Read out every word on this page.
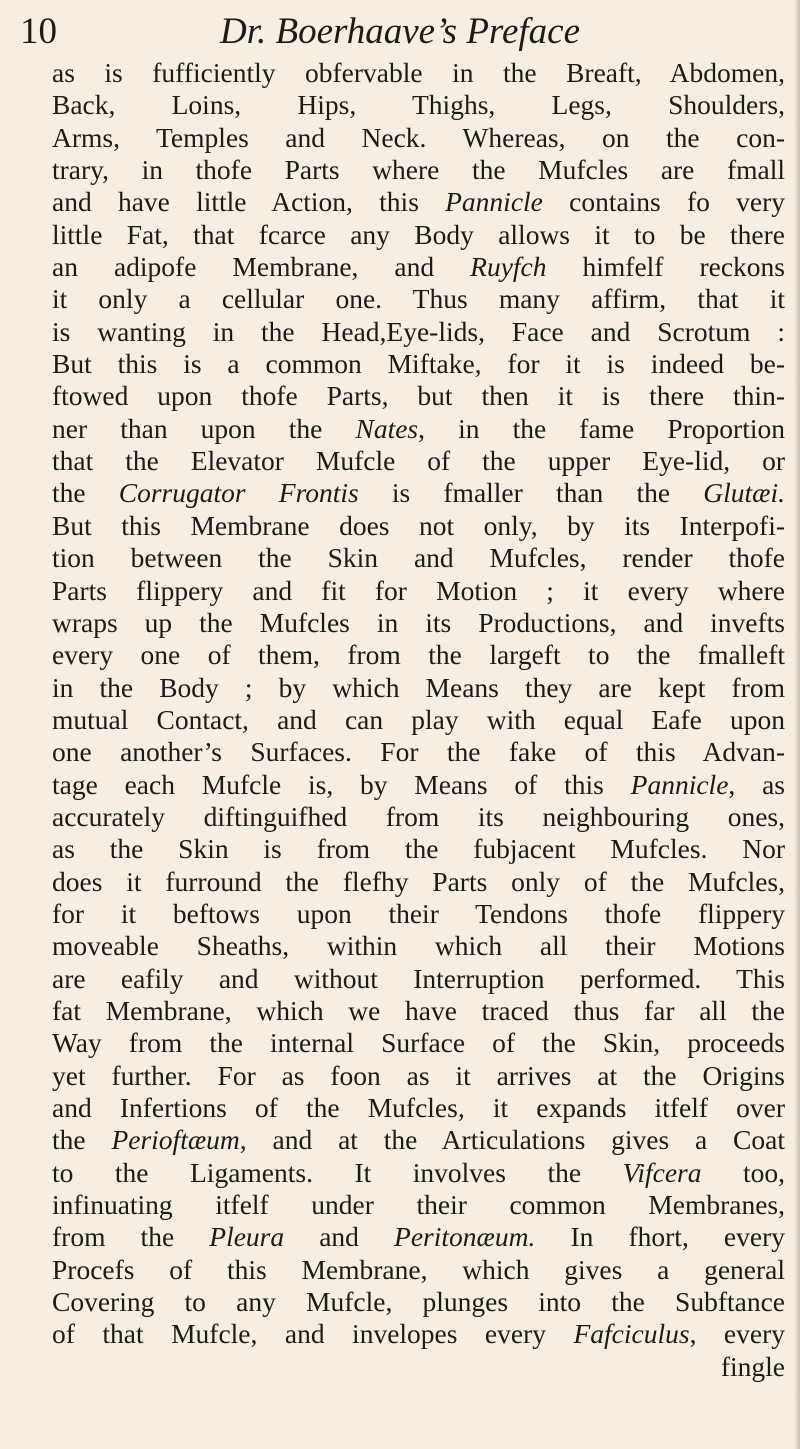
10	Dr. Boerhaave’s Preface
as is fufficiently obfervable in the Breaft, Abdomen,
Back, Loins, Hips, Thighs, Legs, Shoulders,
Arms, Temples and Neck. Whereas, on the con-
trary, in thofe Parts where the Mufcles are fmall
and have little Action, this Pannicle contains fo very
little Fat, that fcarce any Body allows it to be there
an adipofe Membrane, and Ruyfch himfelf reckons
it only a cellular one. Thus many affirm, that it
is wanting in the Head,Eye-lids, Face and Scrotum :
But this is a common Miftake, for it is indeed be-
ftowed upon thofe Parts, but then it is there thin-
ner than upon the Nates, in the fame Proportion
that the Elevator Mufcle of the upper Eye-lid, or
the Corrugator Frontis is fmaller than the Glutæi.
But this Membrane does not only, by its Interpofi-
tion between the Skin and Mufcles, render thofe
Parts flippery and fit for Motion ; it every where
wraps up the Mufcles in its Productions, and invefts
every one of them, from the largeft to the fmalleft
in the Body ; by which Means they are kept from
mutual Contact, and can play with equal Eafe upon
one another’s Surfaces. For the fake of this Advan-
tage each Mufcle is, by Means of this Pannicle, as
accurately diftinguifhed from its neighbouring ones,
as the Skin is from the fubjacent Mufcles. Nor
does it furround the flefhy Parts only of the Mufcles,
for it beftows upon their Tendons thofe flippery
moveable Sheaths, within which all their Motions
are eafily and without Interruption performed. This
fat Membrane, which we have traced thus far all the
Way from the internal Surface of the Skin, proceeds
yet further. For as foon as it arrives at the Origins
and Infertions of the Mufcles, it expands itfelf over
the Perioftæum, and at the Articulations gives a Coat
to the Ligaments. It involves the Vifcera too,
infinuating itfelf under their common Membranes,
from the Pleura and Peritonæum. In fhort, every
Procefs of this Membrane, which gives a general
Covering to any Mufcle, plunges into the Subftance
of that Mufcle, and invelopes every Fafciculus, every
fingle
